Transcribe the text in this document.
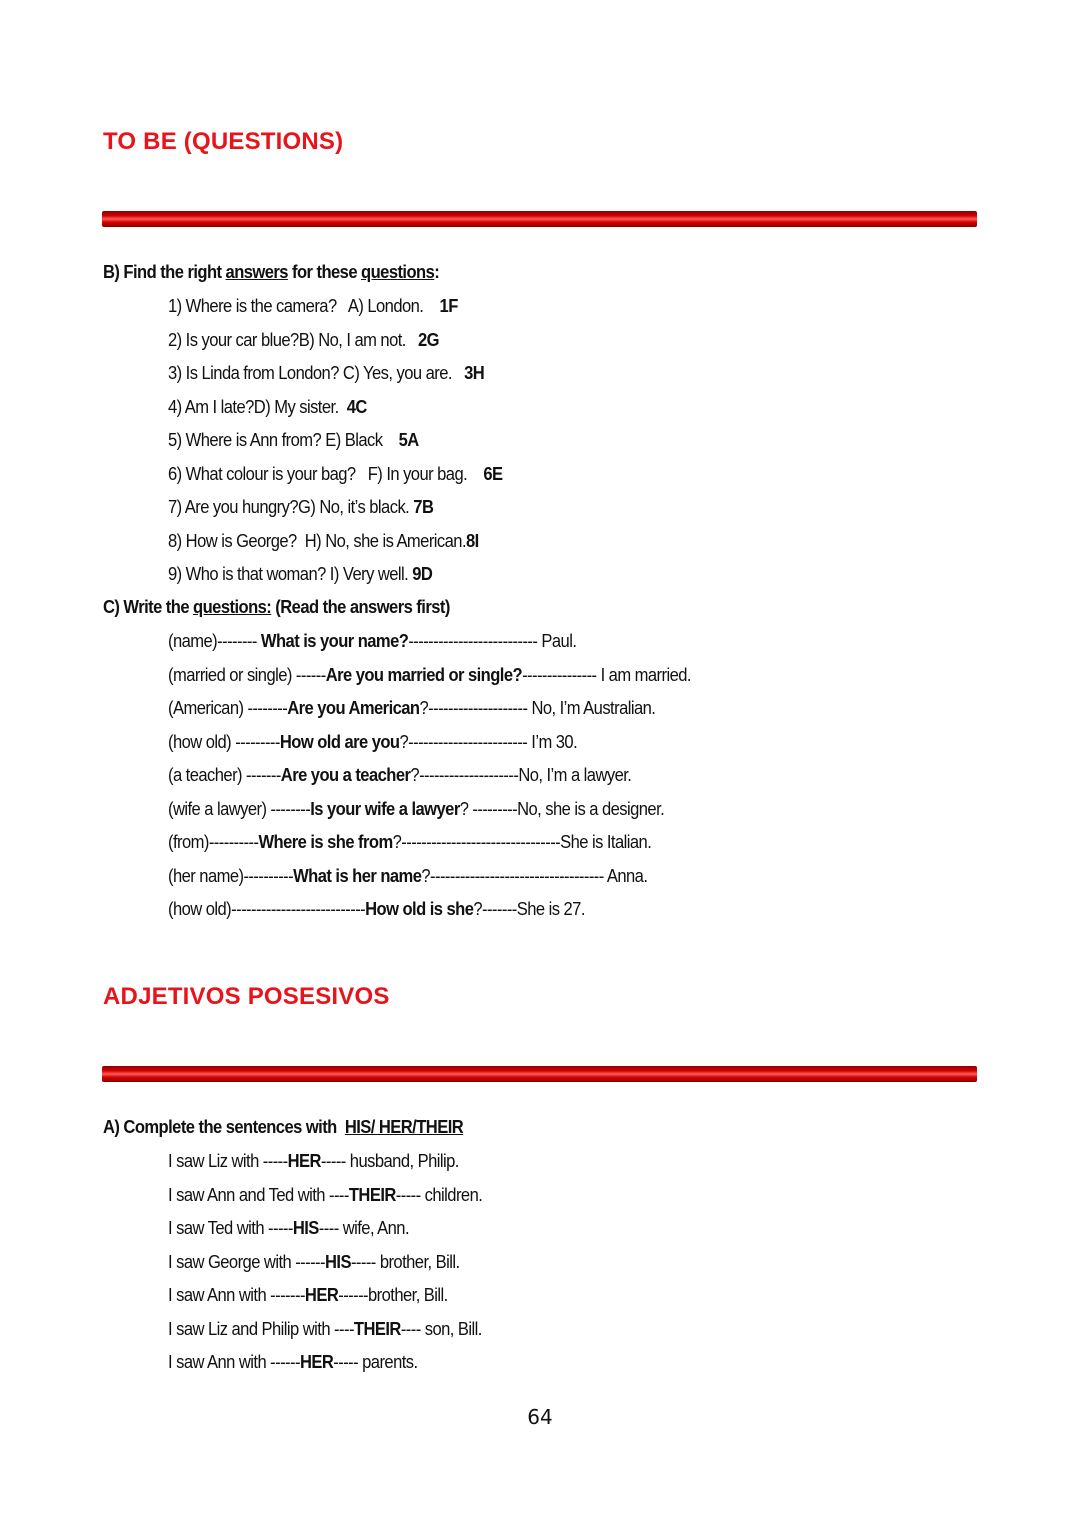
TO BE (QUESTIONS)
ADJETIVOS POSESIVOS
B) Find the right answers for these questions:
1) Where is the camera?   A) London.    1F
2) Is your car blue?B) No, I am not.   2G
3) Is Linda from London? C) Yes, you are.   3H
4) Am I late?D) My sister.  4C
5) Where is Ann from? E) Black    5A
6) What colour is your bag?   F) In your bag.    6E
7) Are you hungry?G) No, it’s black. 7B
8) How is George?  H) No, she is American.8I
9) Who is that woman? I) Very well. 9D
C) Write the questions: (Read the answers first)
(name)-------- What is your name?-------------------------- Paul.
(married or single) ------Are you married or single?--------------- I am married.
(American) --------Are you American?-------------------- No, I’m Australian.
(how old) ---------How old are you?------------------------ I’m 30.
(a teacher) -------Are you a teacher?--------------------No, I’m a lawyer.
(wife a lawyer) --------Is your wife a lawyer? ---------No, she is a designer.
(from)----------Where is she from?--------------------------------She is Italian.
(her name)----------What is her name?----------------------------------- Anna.
(how old)---------------------------How old is she?-------She is 27.
A) Complete the sentences with  HIS/ HER/THEIR
I saw Liz with -----HER----- husband, Philip.
I saw Ann and Ted with ----THEIR----- children.
I saw Ted with -----HIS---- wife, Ann.
I saw George with ------HIS----- brother, Bill.
I saw Ann with -------HER------brother, Bill.
I saw Liz and Philip with ----THEIR---- son, Bill.
I saw Ann with ------HER----- parents.
64
